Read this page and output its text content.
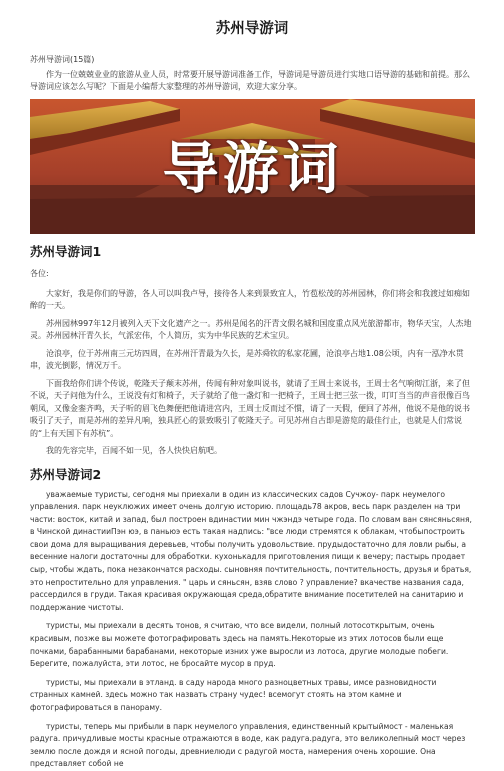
苏州导游词
苏州导游词(15篇)

作为一位兢兢业业的旅游从业人员，时常要开展导游词准备工作，导游词是导游员进行实地口语导游的基础和前提。那么导游词应该怎么写呢？下面是小编帮大家整理的苏州导游词，欢迎大家分享。

导游词
苏州导游词1

各位:

大家好，我是你们的导游，各人可以叫我卢导，接待各人来到景致宜人，竹苞松茂的苏州园林，你们将会和我渡过如痴如醉的一天。

苏州园林997年12月被列入天下文化遗产之一。苏州是闻名的汗青文假名城和国度重点风光旅游都市，物华天宝，人杰地灵。苏州园林汗青久长，气派宏伟，个人简历，实为中华民族的艺术宝贝。

沧浪亭，位于苏州南三元坊四周，在苏州汗青最为久长，是苏舜钦的私家花圃，沧浪亭占地1.08公顷，内有一泓净水贯串，波光倒影，情况万千。

下面我给你们讲个传说，乾隆天子颠末苏州，传闻有种对象叫说书，就请了王周士来说书，王周士名气响彻江浙，来了但不说，天子问他为什么，王说没有灯和椅子，天子就给了他一盏灯和一把椅子，王周士把三弦一拨，叮叮当当的声音很像百鸟朝凤，又像金銮齐鸣，天子听的眉飞色舞便把他请进宫内，王周士反而过不惯，请了一天假，便回了苏州，他说不是他的说书吸引了天子，而是苏州的差异凡响，独具匠心的景致吸引了乾隆天子。可见苏州自古即是游览的最佳行止，也就是人们常说的“上有天国下有苏杭”。

我的先容完毕，百闻不如一见，各人快快启航吧。

苏州导游词2

уважаемые туристы, сегодня мы приехали в один из классических садов Сучжоу- парк неумелого управления. парк неуклюжих имеет очень долгую историю. площадь78 акров, весь парк разделен на три части: восток, китай и запад, был построен вдинастии мин чжэндэ четыре года. По словам ван сянсяньсяня, в Чинской династииПэн юэ, в паньюэ есть такая надпись: "все люди стремятся к облакам, чтобыпостроить свои дома для выращивания деревьев, чтобы получить удовольствие. прудыдостаточно для ловли рыбы, а весенние налоги достаточны для обработки. кухонькадля приготовления пищи к вечеру; пастырь продает сыр, чтобы ждать, пока незакончатся расходы. сыновняя почтительность, почтительность, друзья и братья, это непростительно для управления. " царь и сяньсян, взяв слово ? управление? вкачестве названия сада, рассердился в груди. Такая красивая окружающая среда,обратите внимание посетителей на санитарию и поддержание чистоты.

туристы, мы приехали в десять тонов, я считаю, что все видели, полный лотосоткрытым, очень красивым, позже вы можете фотографировать здесь на память.Некоторые из этих лотосов были еще почками, барабанными барабанами, некоторые изних уже выросли из лотоса, другие молодые побеги. Берегите, пожалуйста, эти лотос, не бросайте мусор в пруд.

туристы, мы приехали в этланд. в саду народа много разноцветных травы, имсе разновидности странных камней. здесь можно так назвать страну чудес! всемогут стоять на этом камне и фотографироваться в панораму.

туристы, теперь мы прибыли в парк неумелого управления, единственный крытыймост - маленькая радуга. причудливые мосты красные отражаются в воде, как радуга.радуга, это великолепный мост через землю после дождя и ясной погоды, древниелюди с радугой моста, намерения очень хорошие. Она представляет собой не
